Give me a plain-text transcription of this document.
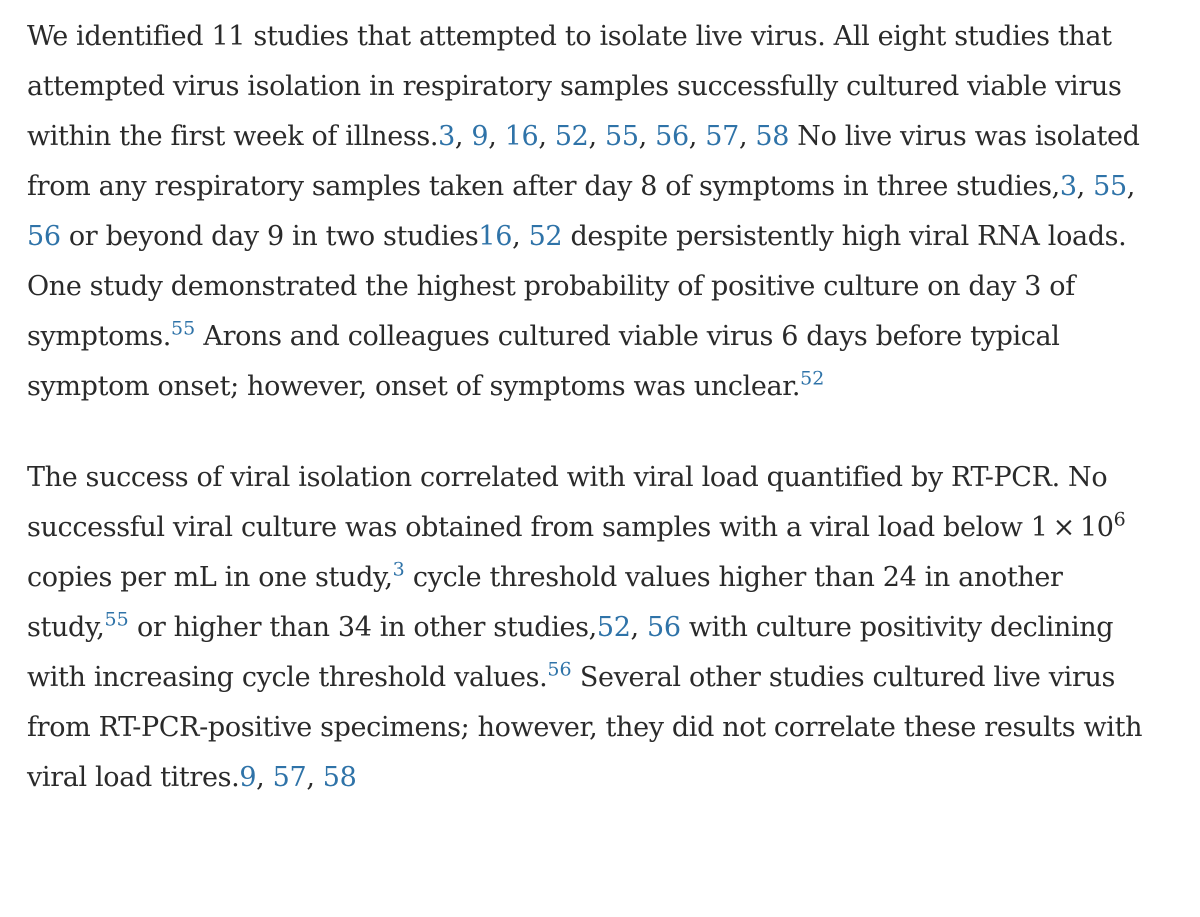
We identified 11 studies that attempted to isolate live virus. All eight studies that attempted virus isolation in respiratory samples successfully cultured viable virus within the first week of illness.3, 9, 16, 52, 55, 56, 57, 58 No live virus was isolated from any respiratory samples taken after day 8 of symptoms in three studies,3, 55, 56 or beyond day 9 in two studies16, 52 despite persistently high viral RNA loads. One study demonstrated the highest probability of positive culture on day 3 of symptoms.$^{55}$ Arons and colleagues cultured viable virus 6 days before typical symptom onset; however, onset of symptoms was unclear.$^{52}$

The success of viral isolation correlated with viral load quantified by RT-PCR. No successful viral culture was obtained from samples with a viral load below $1 \times 10^6$ copies per mL in one study,$^3$ cycle threshold values higher than 24 in another study,$^{55}$ or higher than 34 in other studies,52, 56 with culture positivity declining with increasing cycle threshold values.$^{56}$ Several other studies cultured live virus from RT-PCR-positive specimens; however, they did not correlate these results with viral load titres.9, 57, 58
